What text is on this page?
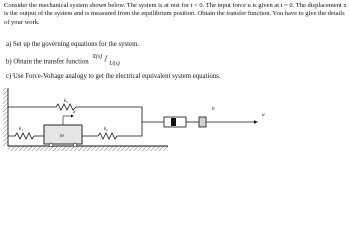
Consider the mechanical system shown below. The system is at rest for t < 0. The input force u is given at t = 0. The displacement x is the output of the system and is measured from the equilibrium position. Obtain the transfer function. You have to give the details of your work.

a) Set up the governing equations for the system.

b) Obtain the transfer function
X(s) / U(s)

c) Use Force-Voltage analogy to get the electrical equivalent system equations.

k₃
k₁
m
x
k₂
b
u
